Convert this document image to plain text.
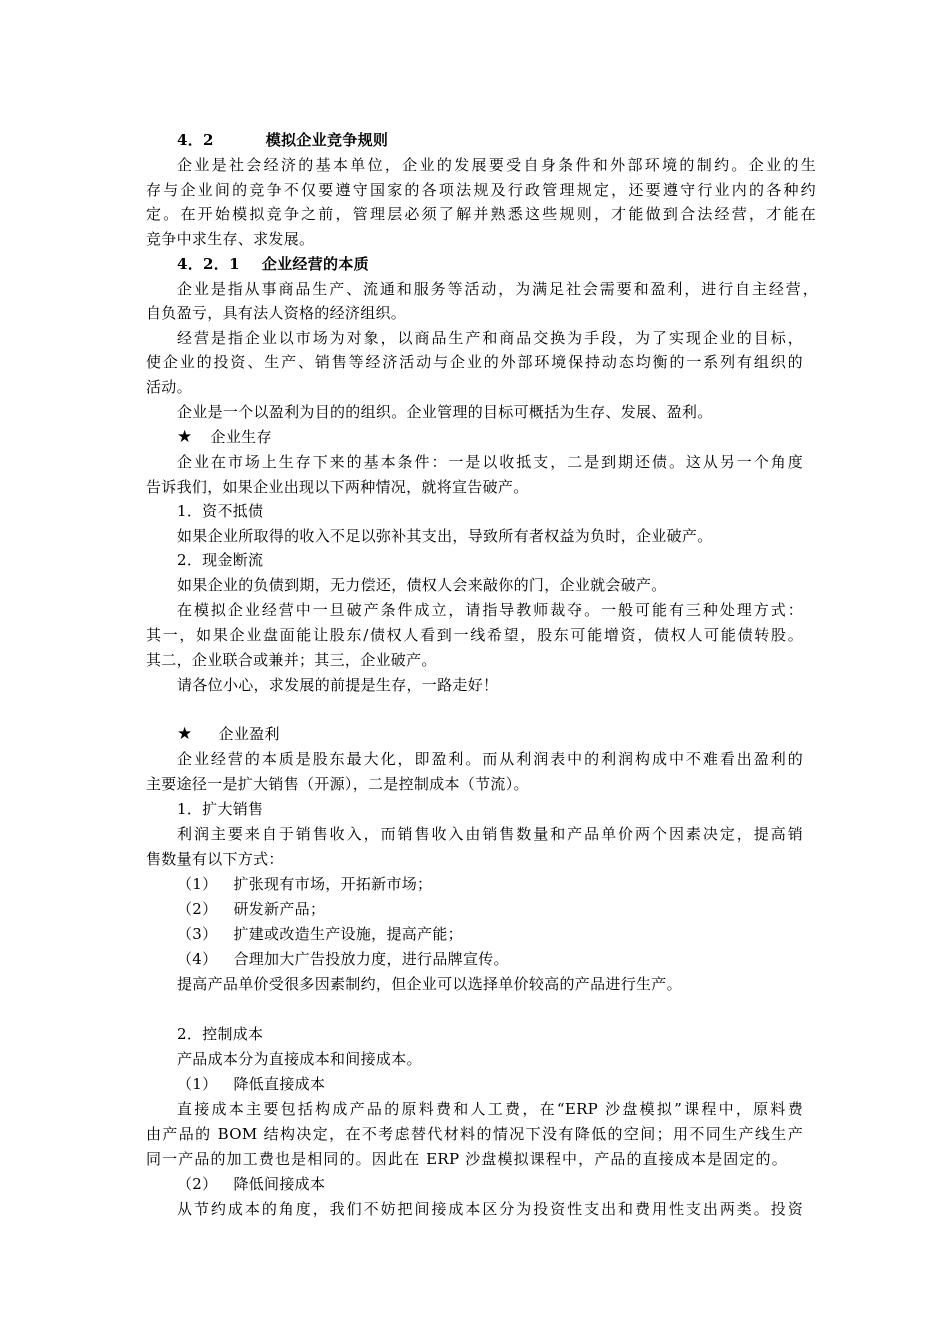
4．2	模拟企业竞争规则
企业是社会经济的基本单位，企业的发展要受自身条件和外部环境的制约。企业的生
存与企业间的竞争不仅要遵守国家的各项法规及行政管理规定，还要遵守行业内的各种约
定。在开始模拟竞争之前，管理层必须了解并熟悉这些规则，才能做到合法经营，才能在
竞争中求生存、求发展。
4．2．1 企业经营的本质
企业是指从事商品生产、流通和服务等活动，为满足社会需要和盈利，进行自主经营，
自负盈亏，具有法人资格的经济组织。
经营是指企业以市场为对象，以商品生产和商品交换为手段，为了实现企业的目标，
使企业的投资、生产、销售等经济活动与企业的外部环境保持动态均衡的一系列有组织的
活动。
企业是一个以盈利为目的的组织。企业管理的目标可概括为生存、发展、盈利。
★ 企业生存
企业在市场上生存下来的基本条件：一是以收抵支，二是到期还债。这从另一个角度
告诉我们，如果企业出现以下两种情况，就将宣告破产。
1．资不抵债
如果企业所取得的收入不足以弥补其支出，导致所有者权益为负时，企业破产。
2．现金断流
如果企业的负债到期，无力偿还，债权人会来敲你的门，企业就会破产。
在模拟企业经营中一旦破产条件成立，请指导教师裁夺。一般可能有三种处理方式：
其一，如果企业盘面能让股东/债权人看到一线希望，股东可能增资，债权人可能债转股。
其二，企业联合或兼并；其三，企业破产。
请各位小心，求发展的前提是生存，一路走好！
★ 企业盈利
企业经营的本质是股东最大化，即盈利。而从利润表中的利润构成中不难看出盈利的
主要途径一是扩大销售（开源），二是控制成本（节流）。
1．扩大销售
利润主要来自于销售收入，而销售收入由销售数量和产品单价两个因素决定，提高销
售数量有以下方式：
（1） 扩张现有市场，开拓新市场；
（2） 研发新产品；
（3） 扩建或改造生产设施，提高产能；
（4） 合理加大广告投放力度，进行品牌宣传。
提高产品单价受很多因素制约，但企业可以选择单价较高的产品进行生产。
2．控制成本
产品成本分为直接成本和间接成本。
（1） 降低直接成本
直接成本主要包括构成产品的原料费和人工费，在“ERP 沙盘模拟”课程中，原料费
由产品的 BOM 结构决定，在不考虑替代材料的情况下没有降低的空间；用不同生产线生产
同一产品的加工费也是相同的。因此在 ERP 沙盘模拟课程中，产品的直接成本是固定的。
（2） 降低间接成本
从节约成本的角度，我们不妨把间接成本区分为投资性支出和费用性支出两类。投资
